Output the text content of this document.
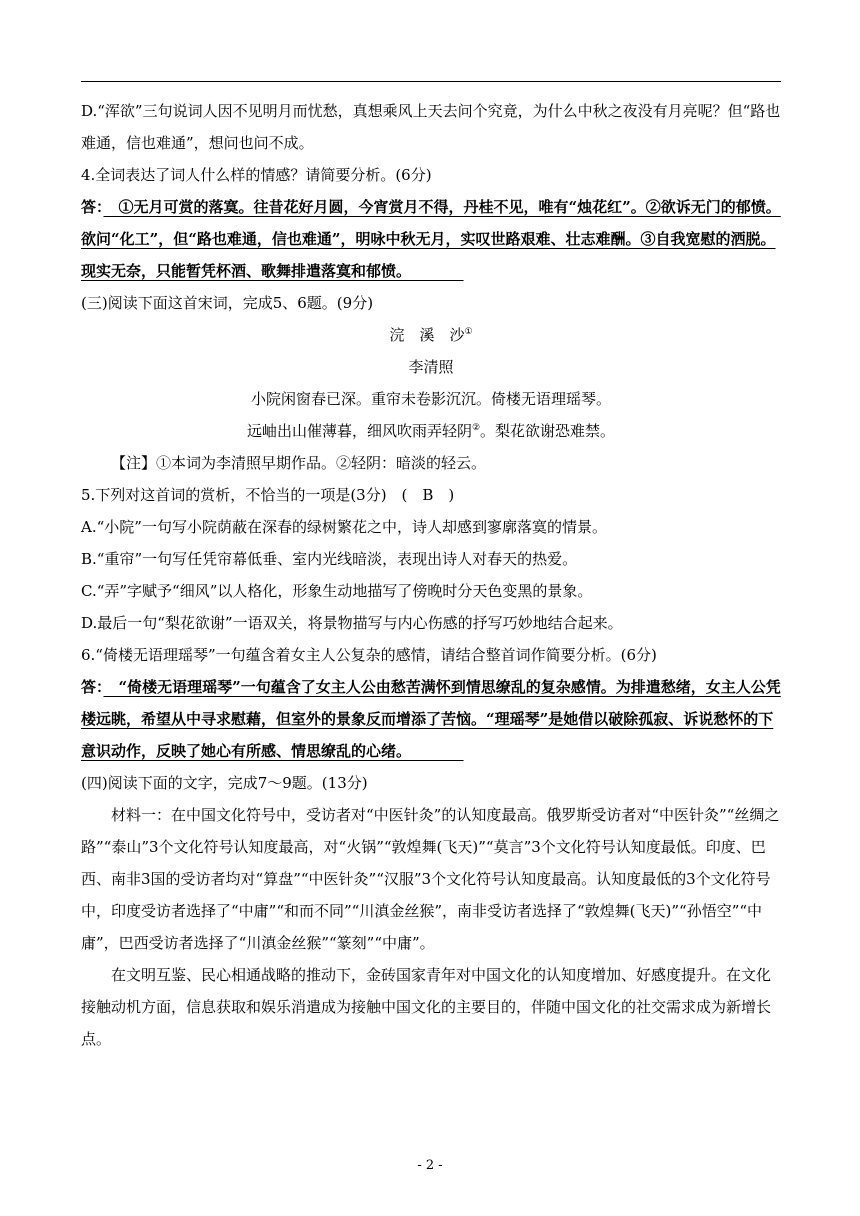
D.“浑欲”三句说词人因不见明月而忧愁，真想乘风上天去问个究竟，为什么中秋之夜没有月亮呢？但“路也难通，信也难通”，想问也问不成。

4.全词表达了词人什么样的情感？请简要分析。(6分)

答：　 ①无月可赏的落寞。往昔花好月圆，今宵赏月不得，丹桂不见，唯有“烛花红”。②欲诉无门的郁愤。欲问“化工”，但“路也难通，信也难通”，明咏中秋无月，实叹世路艰难、壮志难酬。③自我宽慰的洒脱。现实无奈，只能暂凭杯酒、歌舞排遣落寞和郁愤。　　　　

(三)阅读下面这首宋词，完成5、6题。(9分)

浣　溪　沙①

李清照

小院闲窗春已深。重帘未卷影沉沉。倚楼无语理瑶琴。

远岫出山催薄暮，细风吹雨弄轻阴②。梨花欲谢恐难禁。

【注】①本词为李清照早期作品。②轻阴：暗淡的轻云。

5.下列对这首词的赏析，不恰当的一项是(3分)　(　B　)

A.“小院”一句写小院荫蔽在深春的绿树繁花之中，诗人却感到寥廓落寞的情景。

B.“重帘”一句写任凭帘幕低垂、室内光线暗淡，表现出诗人对春天的热爱。

C.“弄”字赋予“细风”以人格化，形象生动地描写了傍晚时分天色变黑的景象。

D.最后一句“梨花欲谢”一语双关，将景物描写与内心伤感的抒写巧妙地结合起来。

6.“倚楼无语理瑶琴”一句蕴含着女主人公复杂的感情，请结合整首词作简要分析。(6分)

答：　 “倚楼无语理瑶琴”一句蕴含了女主人公由愁苦满怀到情思缭乱的复杂感情。为排遣愁绪，女主人公凭楼远眺，希望从中寻求慰藉，但室外的景象反而增添了苦恼。“理瑶琴”是她借以破除孤寂、诉说愁怀的下意识动作，反映了她心有所感、情思缭乱的心绪。　　　　

(四)阅读下面的文字，完成7～9题。(13分)

材料一：在中国文化符号中，受访者对“中医针灸”的认知度最高。俄罗斯受访者对“中医针灸”“丝绸之路”“泰山”3个文化符号认知度最高，对“火锅”“敦煌舞(飞天)”“莫言”3个文化符号认知度最低。印度、巴西、南非3国的受访者均对“算盘”“中医针灸”“汉服”3个文化符号认知度最高。认知度最低的3个文化符号中，印度受访者选择了“中庸”“和而不同”“川滇金丝猴”，南非受访者选择了“敦煌舞(飞天)”“孙悟空”“中庸”，巴西受访者选择了“川滇金丝猴”“篆刻”“中庸”。

在文明互鉴、民心相通战略的推动下，金砖国家青年对中国文化的认知度增加、好感度提升。在文化接触动机方面，信息获取和娱乐消遣成为接触中国文化的主要目的，伴随中国文化的社交需求成为新增长点。

- 2 -
